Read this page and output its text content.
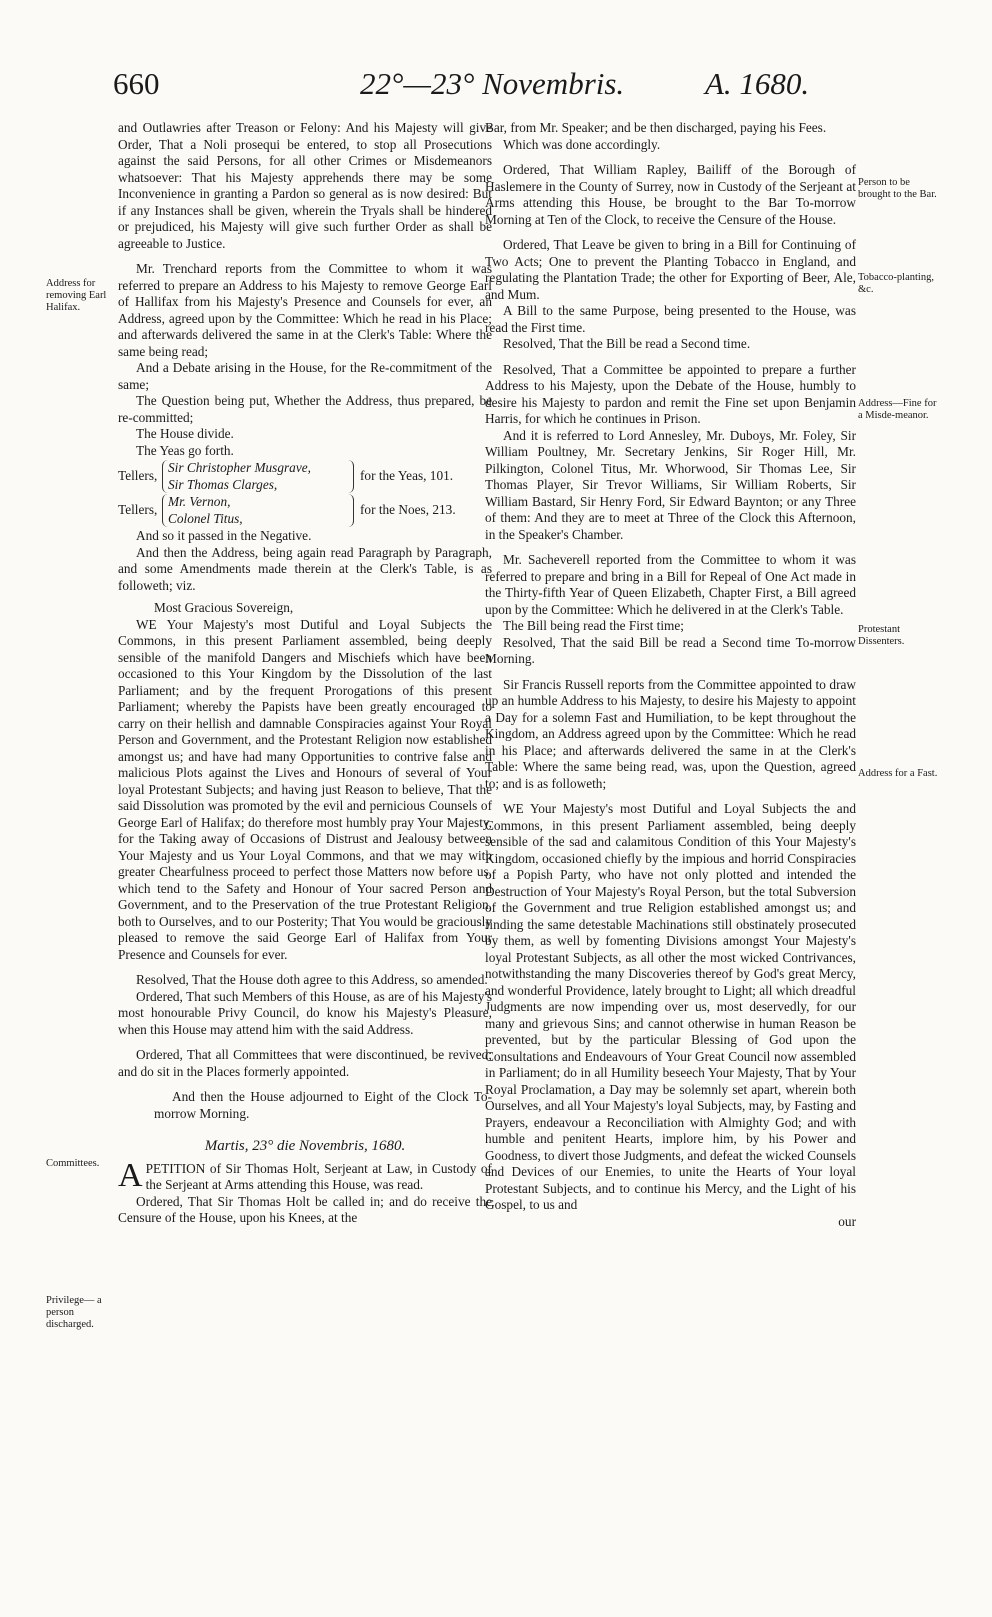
660	22°—23° Novembris.	A. 1680.
Address for removing Earl Halifax.
Committees.
Privilege— a person discharged.
Person to be brought to the Bar.
Tobacco-planting, &c.
Address—Fine for a Misde-meanor.
Protestant Dissenters.
Address for a Fast.

and Outlawries after Treason or Felony: And his Majesty will give Order, That a Noli prosequi be entered, to stop all Prosecutions against the said Persons, for all other Crimes or Misdemeanors whatsoever: That his Majesty apprehends there may be some Inconvenience in granting a Pardon so general as is now desired: But if any Instances shall be given, wherein the Tryals shall be hindered or prejudiced, his Majesty will give such further Order as shall be agreeable to Justice.

Mr. Trenchard reports from the Committee to whom it was referred to prepare an Address to his Majesty to remove George Earl of Hallifax from his Majesty's Presence and Counsels for ever, an Address, agreed upon by the Committee: Which he read in his Place; and afterwards delivered the same in at the Clerk's Table: Where the same being read;

And a Debate arising in the House, for the Re-commitment of the same;

The Question being put, Whether the Address, thus prepared, be re-committed;

The House divide.

The Yeas go forth.

Tellers,
Sir Christopher Musgrave,
Sir Thomas Clarges,
for the Yeas, 101.
Tellers,
Mr. Vernon,
Colonel Titus,
for the Noes, 213.

And so it passed in the Negative.

And then the Address, being again read Paragraph by Paragraph, and some Amendments made therein at the Clerk's Table, is as followeth; viz.

Most Gracious Sovereign,

WE Your Majesty's most Dutiful and Loyal Subjects the Commons, in this present Parliament assembled, being deeply sensible of the manifold Dangers and Mischiefs which have been occasioned to this Your Kingdom by the Dissolution of the last Parliament; and by the frequent Prorogations of this present Parliament; whereby the Papists have been greatly encouraged to carry on their hellish and damnable Conspiracies against Your Royal Person and Government, and the Protestant Religion now established amongst us; and have had many Opportunities to contrive false and malicious Plots against the Lives and Honours of several of Your loyal Protestant Subjects; and having just Reason to believe, That the said Dissolution was promoted by the evil and pernicious Counsels of George Earl of Halifax; do therefore most humbly pray Your Majesty, for the Taking away of Occasions of Distrust and Jealousy between Your Majesty and us Your Loyal Commons, and that we may with greater Chearfulness proceed to perfect those Matters now before us, which tend to the Safety and Honour of Your sacred Person and Government, and to the Preservation of the true Protestant Religion, both to Ourselves, and to our Posterity; That You would be graciously pleased to remove the said George Earl of Halifax from Your Presence and Counsels for ever.

Resolved, That the House doth agree to this Address, so amended.

Ordered, That such Members of this House, as are of his Majesty's most honourable Privy Council, do know his Majesty's Pleasure, when this House may attend him with the said Address.

Ordered, That all Committees that were discontinued, be revived; and do sit in the Places formerly appointed.

And then the House adjourned to Eight of the Clock To-morrow Morning.

Martis, 23° die Novembris, 1680.

A PETITION of Sir Thomas Holt, Serjeant at Law, in Custody of the Serjeant at Arms attending this House, was read.

Ordered, That Sir Thomas Holt be called in; and do receive the Censure of the House, upon his Knees, at the

Bar, from Mr. Speaker; and be then discharged, paying his Fees.

Which was done accordingly.

Ordered, That William Rapley, Bailiff of the Borough of Haslemere in the County of Surrey, now in Custody of the Serjeant at Arms attending this House, be brought to the Bar To-morrow Morning at Ten of the Clock, to receive the Censure of the House.

Ordered, That Leave be given to bring in a Bill for Continuing of Two Acts; One to prevent the Planting Tobacco in England, and regulating the Plantation Trade; the other for Exporting of Beer, Ale, and Mum.

A Bill to the same Purpose, being presented to the House, was read the First time.

Resolved, That the Bill be read a Second time.

Resolved, That a Committee be appointed to prepare a further Address to his Majesty, upon the Debate of the House, humbly to desire his Majesty to pardon and remit the Fine set upon Benjamin Harris, for which he continues in Prison.

And it is referred to Lord Annesley, Mr. Duboys, Mr. Foley, Sir William Poultney, Mr. Secretary Jenkins, Sir Roger Hill, Mr. Pilkington, Colonel Titus, Mr. Whorwood, Sir Thomas Lee, Sir Thomas Player, Sir Trevor Williams, Sir William Roberts, Sir William Bastard, Sir Henry Ford, Sir Edward Baynton; or any Three of them: And they are to meet at Three of the Clock this Afternoon, in the Speaker's Chamber.

Mr. Sacheverell reported from the Committee to whom it was referred to prepare and bring in a Bill for Repeal of One Act made in the Thirty-fifth Year of Queen Elizabeth, Chapter First, a Bill agreed upon by the Committee: Which he delivered in at the Clerk's Table.

The Bill being read the First time;

Resolved, That the said Bill be read a Second time To-morrow Morning.

Sir Francis Russell reports from the Committee appointed to draw up an humble Address to his Majesty, to desire his Majesty to appoint a Day for a solemn Fast and Humiliation, to be kept throughout the Kingdom, an Address agreed upon by the Committee: Which he read in his Place; and afterwards delivered the same in at the Clerk's Table: Where the same being read, was, upon the Question, agreed to; and is as followeth;

WE Your Majesty's most Dutiful and Loyal Subjects the and Commons, in this present Parliament assembled, being deeply sensible of the sad and calamitous Condition of this Your Majesty's Kingdom, occasioned chiefly by the impious and horrid Conspiracies of a Popish Party, who have not only plotted and intended the Destruction of Your Majesty's Royal Person, but the total Subversion of the Government and true Religion established amongst us; and finding the same detestable Machinations still obstinately prosecuted by them, as well by fomenting Divisions amongst Your Majesty's loyal Protestant Subjects, as all other the most wicked Contrivances, notwithstanding the many Discoveries thereof by God's great Mercy, and wonderful Providence, lately brought to Light; all which dreadful Judgments are now impending over us, most deservedly, for our many and grievous Sins; and cannot otherwise in human Reason be prevented, but by the particular Blessing of God upon the Consultations and Endeavours of Your Great Council now assembled in Parliament; do in all Humility beseech Your Majesty, That by Your Royal Proclamation, a Day may be solemnly set apart, wherein both Ourselves, and all Your Majesty's loyal Subjects, may, by Fasting and Prayers, endeavour a Reconciliation with Almighty God; and with humble and penitent Hearts, implore him, by his Power and Goodness, to divert those Judgments, and defeat the wicked Counsels and Devices of our Enemies, to unite the Hearts of Your loyal Protestant Subjects, and to continue his Mercy, and the Light of his Gospel, to us and

our
